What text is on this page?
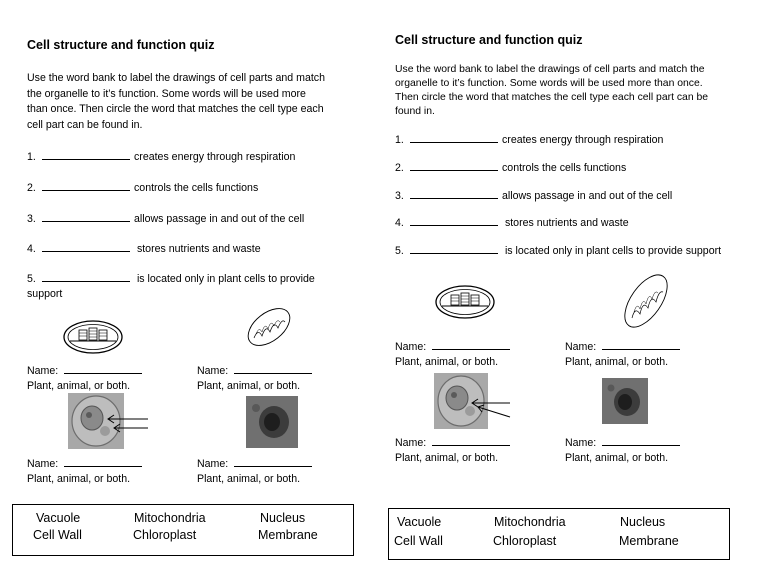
Cell structure and function quiz
Use the word bank to label the drawings of cell parts and match
the organelle to it’s function. Some words will be used more
than once. Then circle the word that matches the cell type each
cell part can be found in.
1.	creates energy through respiration
2.	controls the cells functions
3.	allows passage in and out of the cell
4.	stores nutrients and waste
5.	is located only in plant cells to provide
support
Name:
Plant, animal, or both.
Name:
Plant, animal, or both.
Name:
Plant, animal, or both.
Name:
Plant, animal, or both.
Vacuole	Mitochondria	Nucleus
Cell Wall	Chloroplast	Membrane
Cell structure and function quiz
Use the word bank to label the drawings of cell parts and match the
organelle to it’s function. Some words will be used more than once.
Then circle the word that matches the cell type each cell part can be
found in.
1.	creates energy through respiration
2.	controls the cells functions
3.	allows passage in and out of the cell
4.	stores nutrients and waste
5.	is located only in plant cells to provide support
Name:
Plant, animal, or both.
Name:
Plant, animal, or both.
Name:
Plant, animal, or both.
Name:
Plant, animal, or both.
Vacuole	Mitochondria	Nucleus
Cell Wall	Chloroplast	Membrane
